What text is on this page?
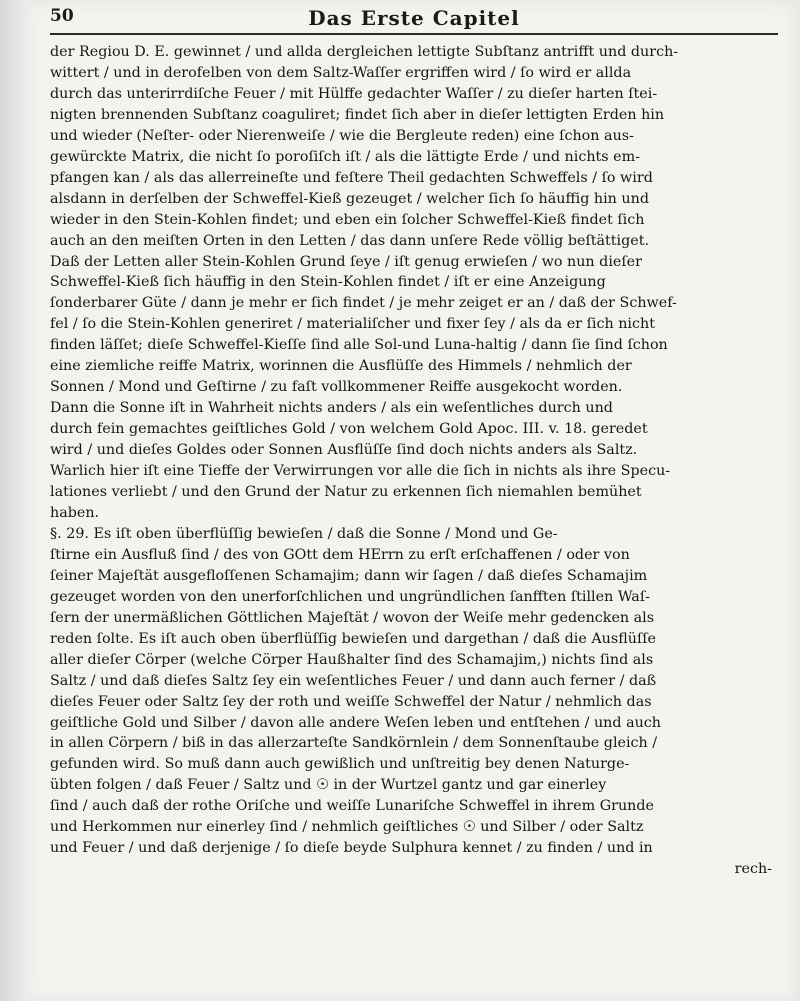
50	Das Erste Capitel
der Regiou D. E. gewinnet / und allda dergleichen lettigte Subſtanz antrifft und durch-
wittert / und in derofelben von dem Saltz-Waſſer ergriffen wird / ſo wird er allda
durch das unterirrdiſche Feuer / mit Hülffe gedachter Waſſer / zu dieſer harten ſtei-
nigten brennenden Subſtanz coaguliret; findet ſich aber in dieſer lettigten Erden hin
und wieder (Neſter- oder Nierenweiſe / wie die Bergleute reden) eine ſchon aus-
gewürckte Matrix, die nicht ſo poroſiſch iſt / als die lättigte Erde / und nichts em-
pfangen kan / als das allerreineſte und feſtere Theil gedachten Schweffels / ſo wird
alsdann in derſelben der Schweffel-Kieß gezeuget / welcher ſich ſo häuffig hin und
wieder in den Stein-Kohlen findet; und eben ein ſolcher Schweffel-Kieß findet ſich
auch an den meiſten Orten in den Letten / das dann unſere Rede völlig beſtättiget.
Daß der Letten aller Stein-Kohlen Grund ſeye / iſt genug erwieſen / wo nun dieſer
Schweffel-Kieß ſich häuffig in den Stein-Kohlen findet / iſt er eine Anzeigung
ſonderbarer Güte / dann je mehr er ſich findet / je mehr zeiget er an / daß der Schwef-
fel / ſo die Stein-Kohlen generiret / materialiſcher und fixer ſey / als da er ſich nicht
finden läſſet; dieſe Schweffel-Kieſſe ſind alle Sol-und Luna-haltig / dann ſie ſind ſchon
eine ziemliche reiffe Matrix, worinnen die Ausflüſſe des Himmels / nehmlich der
Sonnen / Mond und Geſtirne / zu faſt vollkommener Reiffe ausgekocht worden.
Dann die Sonne iſt in Wahrheit nichts anders / als ein weſentliches durch und
durch fein gemachtes geiſtliches Gold / von welchem Gold Apoc. III. v. 18. geredet
wird / und dieſes Goldes oder Sonnen Ausflüſſe ſind doch nichts anders als Saltz.
Warlich hier iſt eine Tieffe der Verwirrungen vor alle die ſich in nichts als ihre Specu-
lationes verliebt / und den Grund der Natur zu erkennen ſich niemahlen bemühet
haben.
§. 29. Es iſt oben überflüſſig bewieſen / daß die Sonne / Mond und Ge-
ſtirne ein Ausfluß ſind / des von GOtt dem HErrn zu erſt erſchaffenen / oder von
ſeiner Majeſtät ausgefloſſenen Schamajim; dann wir ſagen / daß dieſes Schamajim
gezeuget worden von den unerforſchlichen und ungründlichen ſanfften ſtillen Waſ-
ſern der unermäßlichen Göttlichen Majeſtät / wovon der Weiſe mehr gedencken als
reden ſolte. Es iſt auch oben überflüſſig bewieſen und dargethan / daß die Ausflüſſe
aller dieſer Cörper (welche Cörper Haußhalter ſind des Schamajim,) nichts ſind als
Saltz / und daß dieſes Saltz ſey ein weſentliches Feuer / und dann auch ferner / daß
dieſes Feuer oder Saltz ſey der roth und weiſſe Schweffel der Natur / nehmlich das
geiſtliche Gold und Silber / davon alle andere Weſen leben und entſtehen / und auch
in allen Cörpern / biß in das allerzarteſte Sandkörnlein / dem Sonnenſtaube gleich /
gefunden wird. So muß dann auch gewißlich und unſtreitig bey denen Naturge-
übten folgen / daß Feuer / Saltz und ☉ in der Wurtzel gantz und gar einerley
ſind / auch daß der rothe Oriſche und weiſſe Lunariſche Schweffel in ihrem Grunde
und Herkommen nur einerley ſind / nehmlich geiſtliches ☉ und Silber / oder Saltz
und Feuer / und daß derjenige / ſo dieſe beyde Sulphura kennet / zu finden / und in
rech-
